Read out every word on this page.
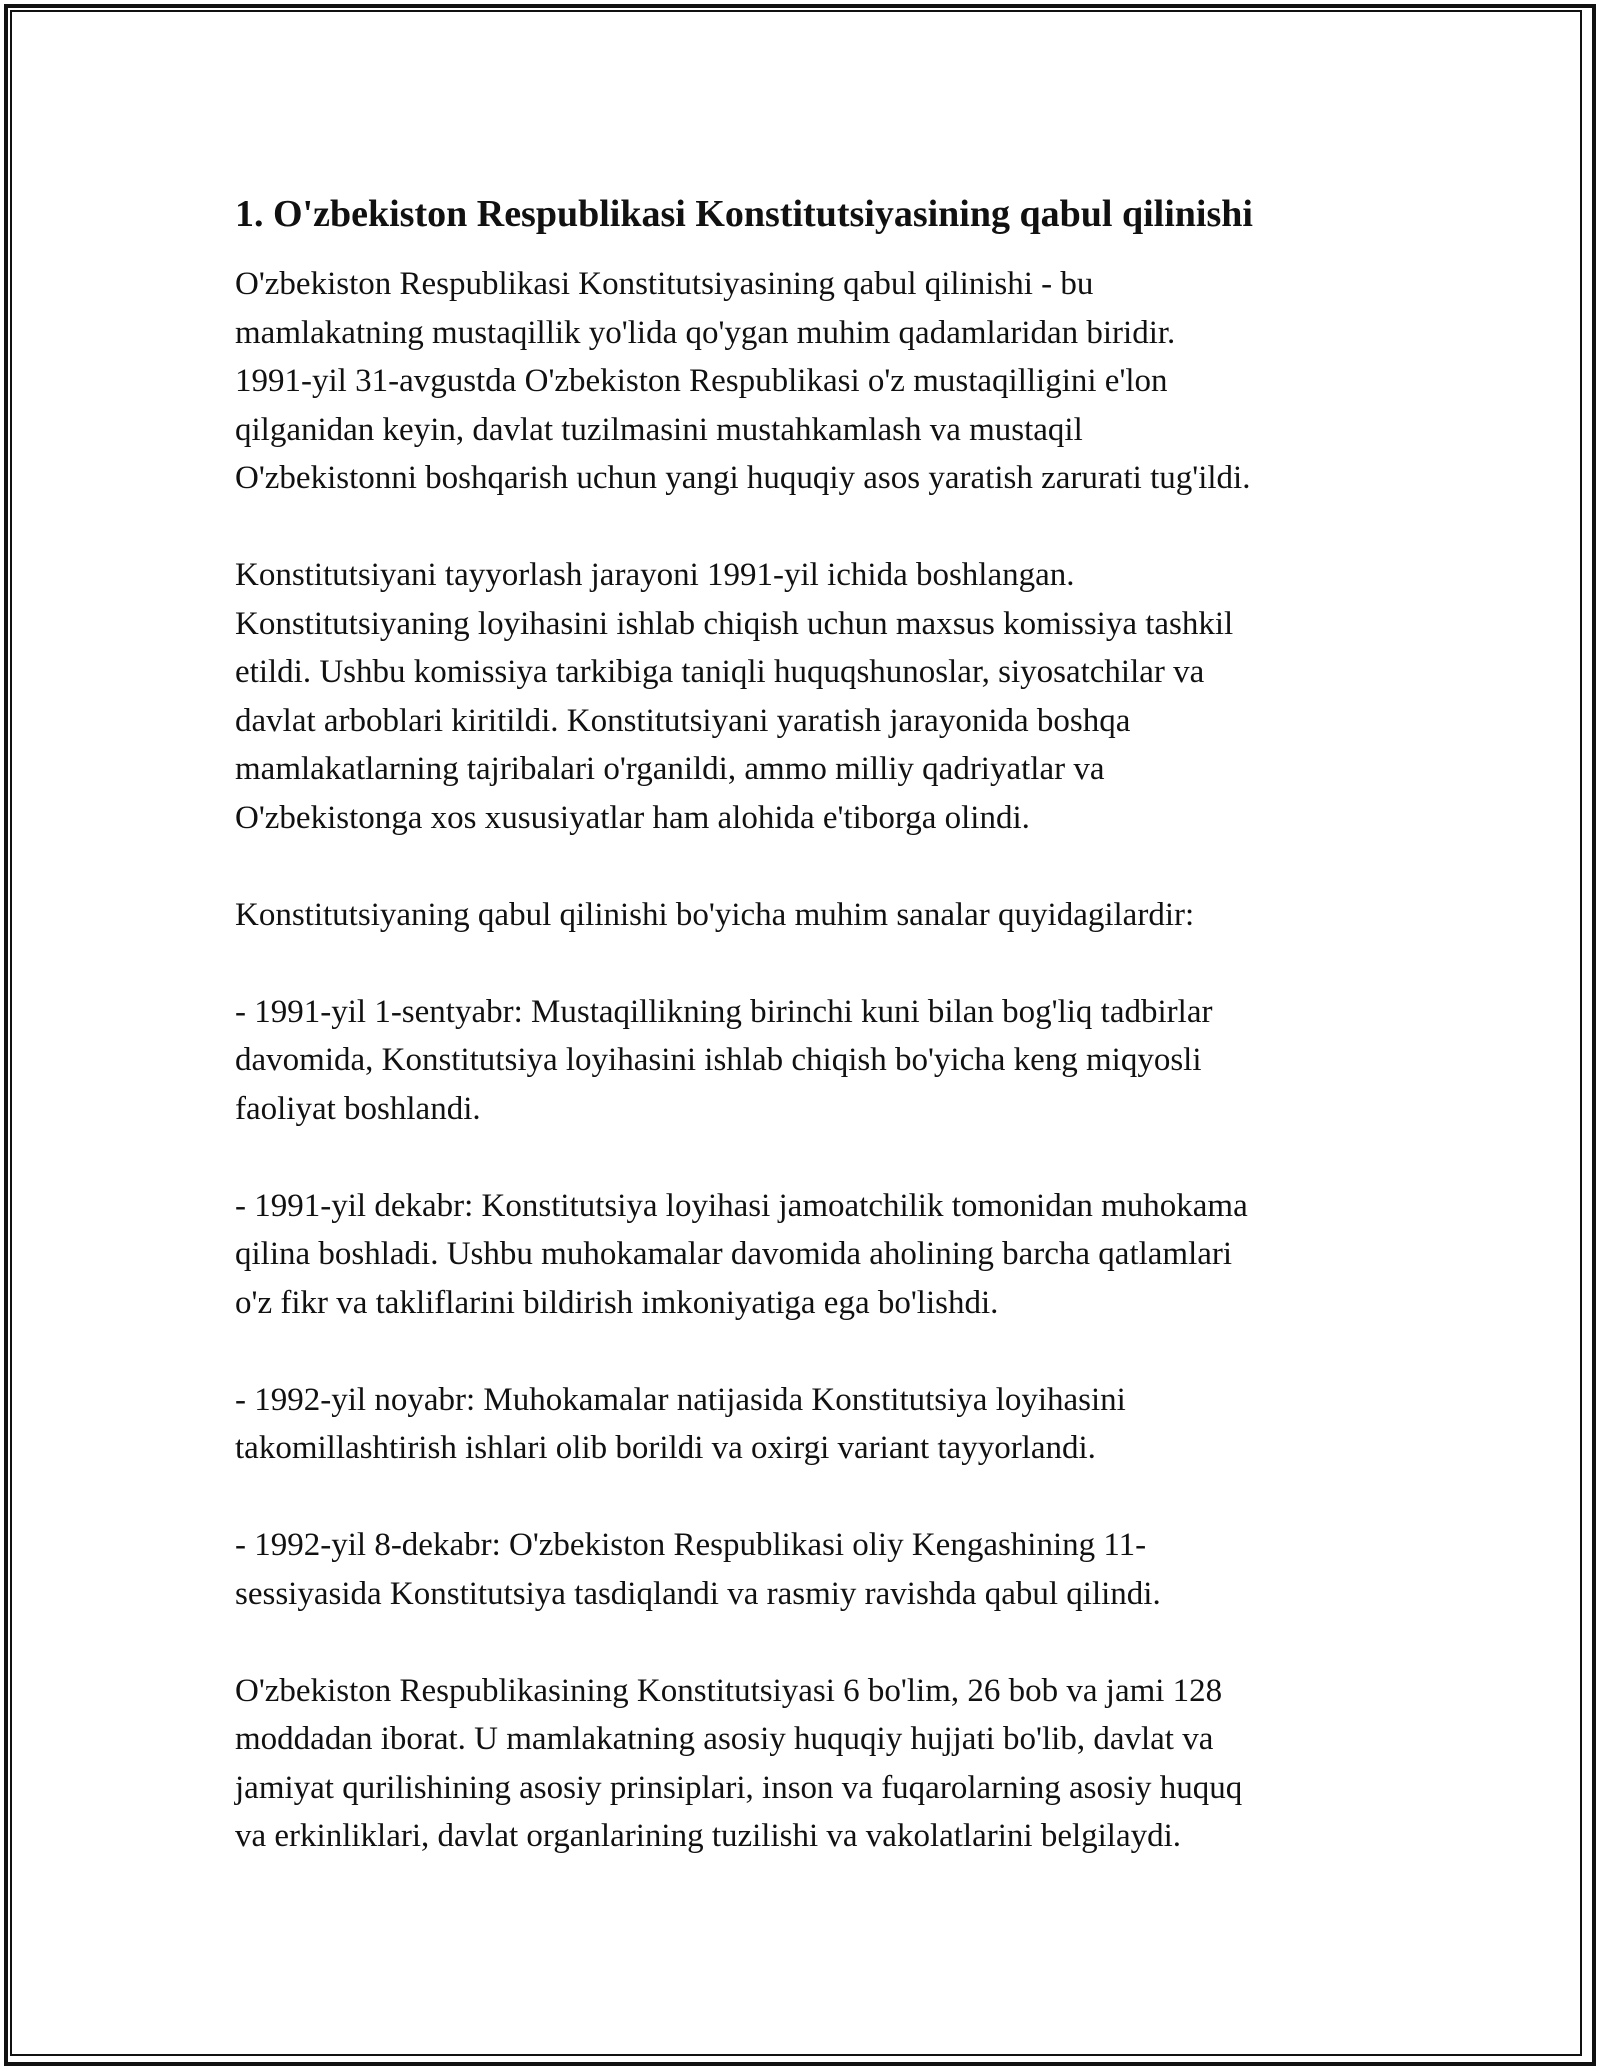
1. O'zbekiston Respublikasi Konstitutsiyasining qabul qilinishi

O'zbekiston Respublikasi Konstitutsiyasining qabul qilinishi - bu
mamlakatning mustaqillik yo'lida qo'ygan muhim qadamlaridan biridir.
1991-yil 31-avgustda O'zbekiston Respublikasi o'z mustaqilligini e'lon
qilganidan keyin, davlat tuzilmasini mustahkamlash va mustaqil
O'zbekistonni boshqarish uchun yangi huquqiy asos yaratish zarurati tug'ildi.

Konstitutsiyani tayyorlash jarayoni 1991-yil ichida boshlangan.
Konstitutsiyaning loyihasini ishlab chiqish uchun maxsus komissiya tashkil
etildi. Ushbu komissiya tarkibiga taniqli huquqshunoslar, siyosatchilar va
davlat arboblari kiritildi. Konstitutsiyani yaratish jarayonida boshqa
mamlakatlarning tajribalari o'rganildi, ammo milliy qadriyatlar va
O'zbekistonga xos xususiyatlar ham alohida e'tiborga olindi.

Konstitutsiyaning qabul qilinishi bo'yicha muhim sanalar quyidagilardir:

- 1991-yil 1-sentyabr: Mustaqillikning birinchi kuni bilan bog'liq tadbirlar
davomida, Konstitutsiya loyihasini ishlab chiqish bo'yicha keng miqyosli
faoliyat boshlandi.

- 1991-yil dekabr: Konstitutsiya loyihasi jamoatchilik tomonidan muhokama
qilina boshladi. Ushbu muhokamalar davomida aholining barcha qatlamlari
o'z fikr va takliflarini bildirish imkoniyatiga ega bo'lishdi.

- 1992-yil noyabr: Muhokamalar natijasida Konstitutsiya loyihasini
takomillashtirish ishlari olib borildi va oxirgi variant tayyorlandi.

- 1992-yil 8-dekabr: O'zbekiston Respublikasi oliy Kengashining 11-
sessiyasida Konstitutsiya tasdiqlandi va rasmiy ravishda qabul qilindi.

O'zbekiston Respublikasining Konstitutsiyasi 6 bo'lim, 26 bob va jami 128
moddadan iborat. U mamlakatning asosiy huquqiy hujjati bo'lib, davlat va
jamiyat qurilishining asosiy prinsiplari, inson va fuqarolarning asosiy huquq
va erkinliklari, davlat organlarining tuzilishi va vakolatlarini belgilaydi.
